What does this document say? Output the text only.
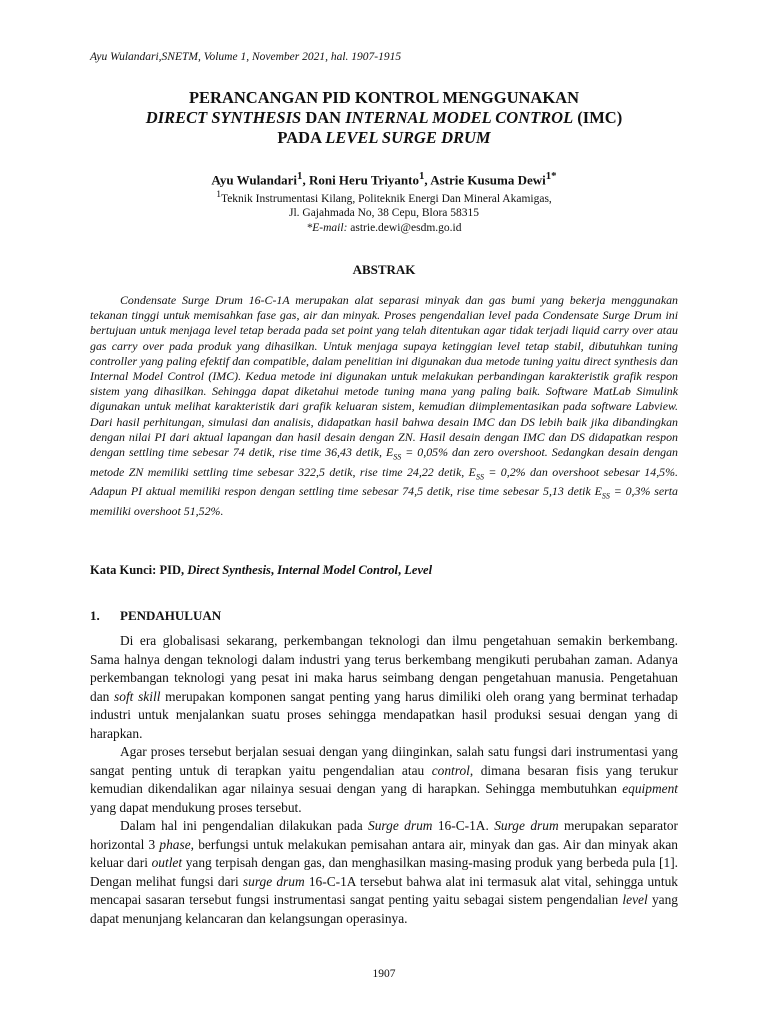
Ayu Wulandari,SNETM, Volume 1, November 2021, hal. 1907-1915
PERANCANGAN PID KONTROL MENGGUNAKAN
DIRECT SYNTHESIS DAN INTERNAL MODEL CONTROL (IMC)
PADA LEVEL SURGE DRUM
Ayu Wulandari$^1$, Roni Heru Triyanto$^1$, Astrie Kusuma Dewi$^{1*}$
$^1$Teknik Instrumentasi Kilang, Politeknik Energi Dan Mineral Akamigas,
Jl. Gajahmada No, 38 Cepu, Blora 58315
*E-mail: astrie.dewi@esdm.go.id
ABSTRAK

Condensate Surge Drum 16-C-1A merupakan alat separasi minyak dan gas bumi yang bekerja menggunakan tekanan tinggi untuk memisahkan fase gas, air dan minyak. Proses pengendalian level pada Condensate Surge Drum ini bertujuan untuk menjaga level tetap berada pada set point yang telah ditentukan agar tidak terjadi liquid carry over atau gas carry over pada produk yang dihasilkan. Untuk menjaga supaya ketinggian level tetap stabil, dibutuhkan tuning controller yang paling efektif dan compatible, dalam penelitian ini digunakan dua metode tuning yaitu direct synthesis dan Internal Model Control (IMC). Kedua metode ini digunakan untuk melakukan perbandingan karakteristik grafik respon sistem yang dihasilkan. Sehingga dapat diketahui metode tuning mana yang paling baik. Software MatLab Simulink digunakan untuk melihat karakteristik dari grafik keluaran sistem, kemudian diimplementasikan pada software Labview. Dari hasil perhitungan, simulasi dan analisis, didapatkan hasil bahwa desain IMC dan DS lebih baik jika dibandingkan dengan nilai PI dari aktual lapangan dan hasil desain dengan ZN. Hasil desain dengan IMC dan DS didapatkan respon dengan settling time sebesar 74 detik, rise time 36,43 detik, $E_{SS} = 0,05\%$ dan zero overshoot. Sedangkan desain dengan metode ZN memiliki settling time sebesar 322,5 detik, rise time 24,22 detik, $E_{SS} = 0,2\%$ dan overshoot sebesar 14,5%. Adapun PI aktual memiliki respon dengan settling time sebesar 74,5 detik, rise time sebesar 5,13 detik $E_{SS} = 0,3\%$ serta memiliki overshoot 51,52%.

Kata Kunci: PID, Direct Synthesis, Internal Model Control, Level
1. PENDAHULUAN

Di era globalisasi sekarang, perkembangan teknologi dan ilmu pengetahuan semakin berkembang. Sama halnya dengan teknologi dalam industri yang terus berkembang mengikuti perubahan zaman. Adanya perkembangan teknologi yang pesat ini maka harus seimbang dengan pengetahuan manusia. Pengetahuan dan soft skill merupakan komponen sangat penting yang harus dimiliki oleh orang yang berminat terhadap industri untuk menjalankan suatu proses sehingga mendapatkan hasil produksi sesuai dengan yang di harapkan.

Agar proses tersebut berjalan sesuai dengan yang diinginkan, salah satu fungsi dari instrumentasi yang sangat penting untuk di terapkan yaitu pengendalian atau control, dimana besaran fisis yang terukur kemudian dikendalikan agar nilainya sesuai dengan yang di harapkan. Sehingga membutuhkan equipment yang dapat mendukung proses tersebut.

Dalam hal ini pengendalian dilakukan pada Surge drum 16-C-1A. Surge drum merupakan separator horizontal 3 phase, berfungsi untuk melakukan pemisahan antara air, minyak dan gas. Air dan minyak akan keluar dari outlet yang terpisah dengan gas, dan menghasilkan masing-masing produk yang berbeda pula [1]. Dengan melihat fungsi dari surge drum 16-C-1A tersebut bahwa alat ini termasuk alat vital, sehingga untuk mencapai sasaran tersebut fungsi instrumentasi sangat penting yaitu sebagai sistem pengendalian level yang dapat menunjang kelancaran dan kelangsungan operasinya.

1907
